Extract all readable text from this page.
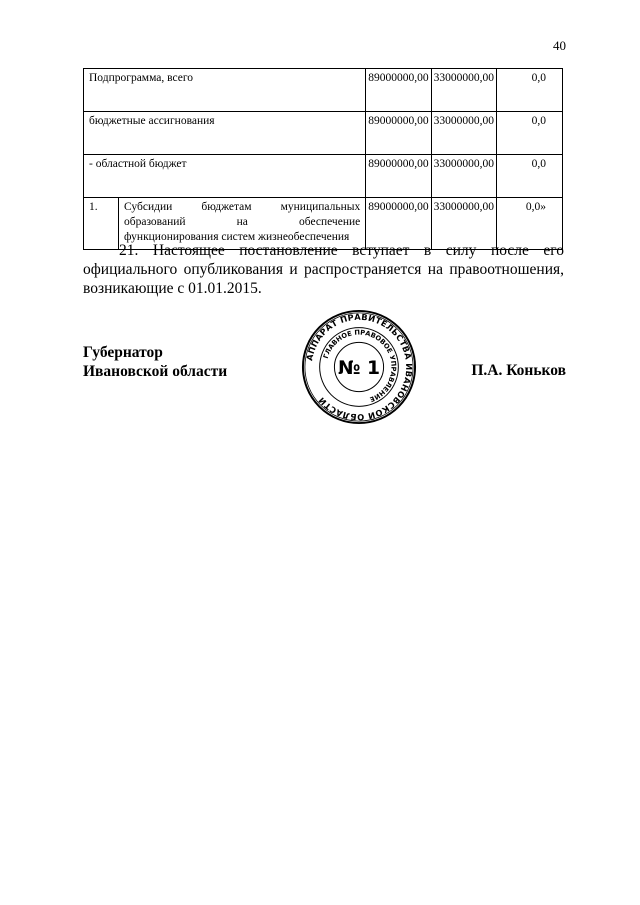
40
Подпрограмма, всего		89000000,00	33000000,00	0,0
бюджетные ассигнования		89000000,00	33000000,00	0,0
- областной бюджет		89000000,00	33000000,00	0,0
1.	Субсидии бюджетам муниципальных образований на обеспечение функционирования систем жизнеобеспечения	89000000,00	33000000,00	0,0»
21. Настоящее постановление вступает в силу после его официального опубликования и распространяется на правоотношения, возникающие с 01.01.2015.
Губернатор
Ивановской области	П.А. Коньков
АППАРАТ ПРАВИТЕЛЬСТВА ИВАНОВСКОЙ ОБЛАСТИ
ГЛАВНОЕ ПРАВОВОЕ УПРАВЛЕНИЕ
№ 1
